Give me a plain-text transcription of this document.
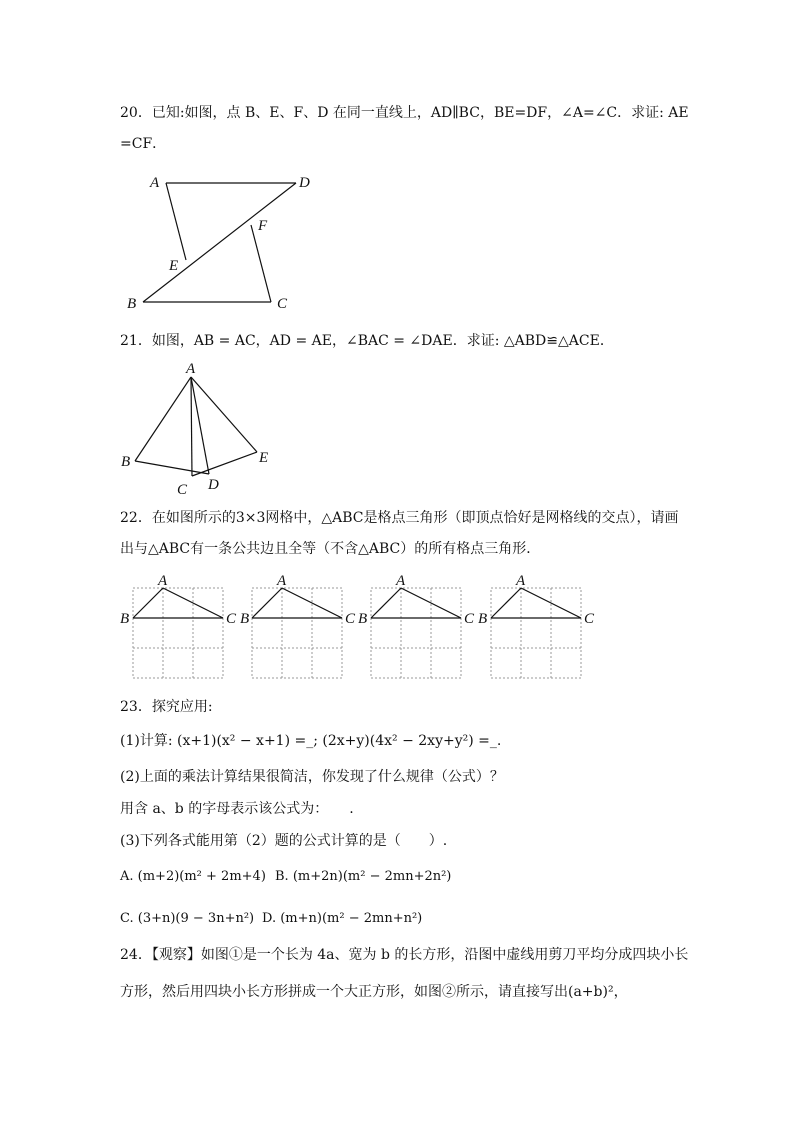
20．已知:如图，点 B、E、F、D 在同一直线上，AD∥BC，BE=DF，∠A=∠C．求证: AE
=CF．
A	D
F
E
B	C
21．如图，AB = AC，AD = AE，∠BAC = ∠DAE．求证: △ABD≌△ACE．
A
B
C D
E
22．在如图所示的3×3网格中，△ABC是格点三角形（即顶点恰好是网格线的交点），请画
出与△ABC有一条公共边且全等（不含△ABC）的所有格点三角形．
A
B	C
A
C
A
B	C
A
B	C
B
23．探究应用:
(1)计算: (x+1)(x² − x+1) =_; (2x+y)(4x² − 2xy+y²) =_.
(2)上面的乘法计算结果很简洁，你发现了什么规律（公式）？
用含 a、b 的字母表示该公式为：　　.
(3)下列各式能用第（2）题的公式计算的是（　　）.
A. (m+2)(m² + 2m+4) B. (m+2n)(m² − 2mn+2n²)
C. (3+n)(9 − 3n+n²) D. (m+n)(m² − 2mn+n²)
24．【观察】如图①是一个长为 4a、宽为 b 的长方形，沿图中虚线用剪刀平均分成四块小长
方形，然后用四块小长方形拼成一个大正方形，如图②所示，请直接写出(a+b)²，
